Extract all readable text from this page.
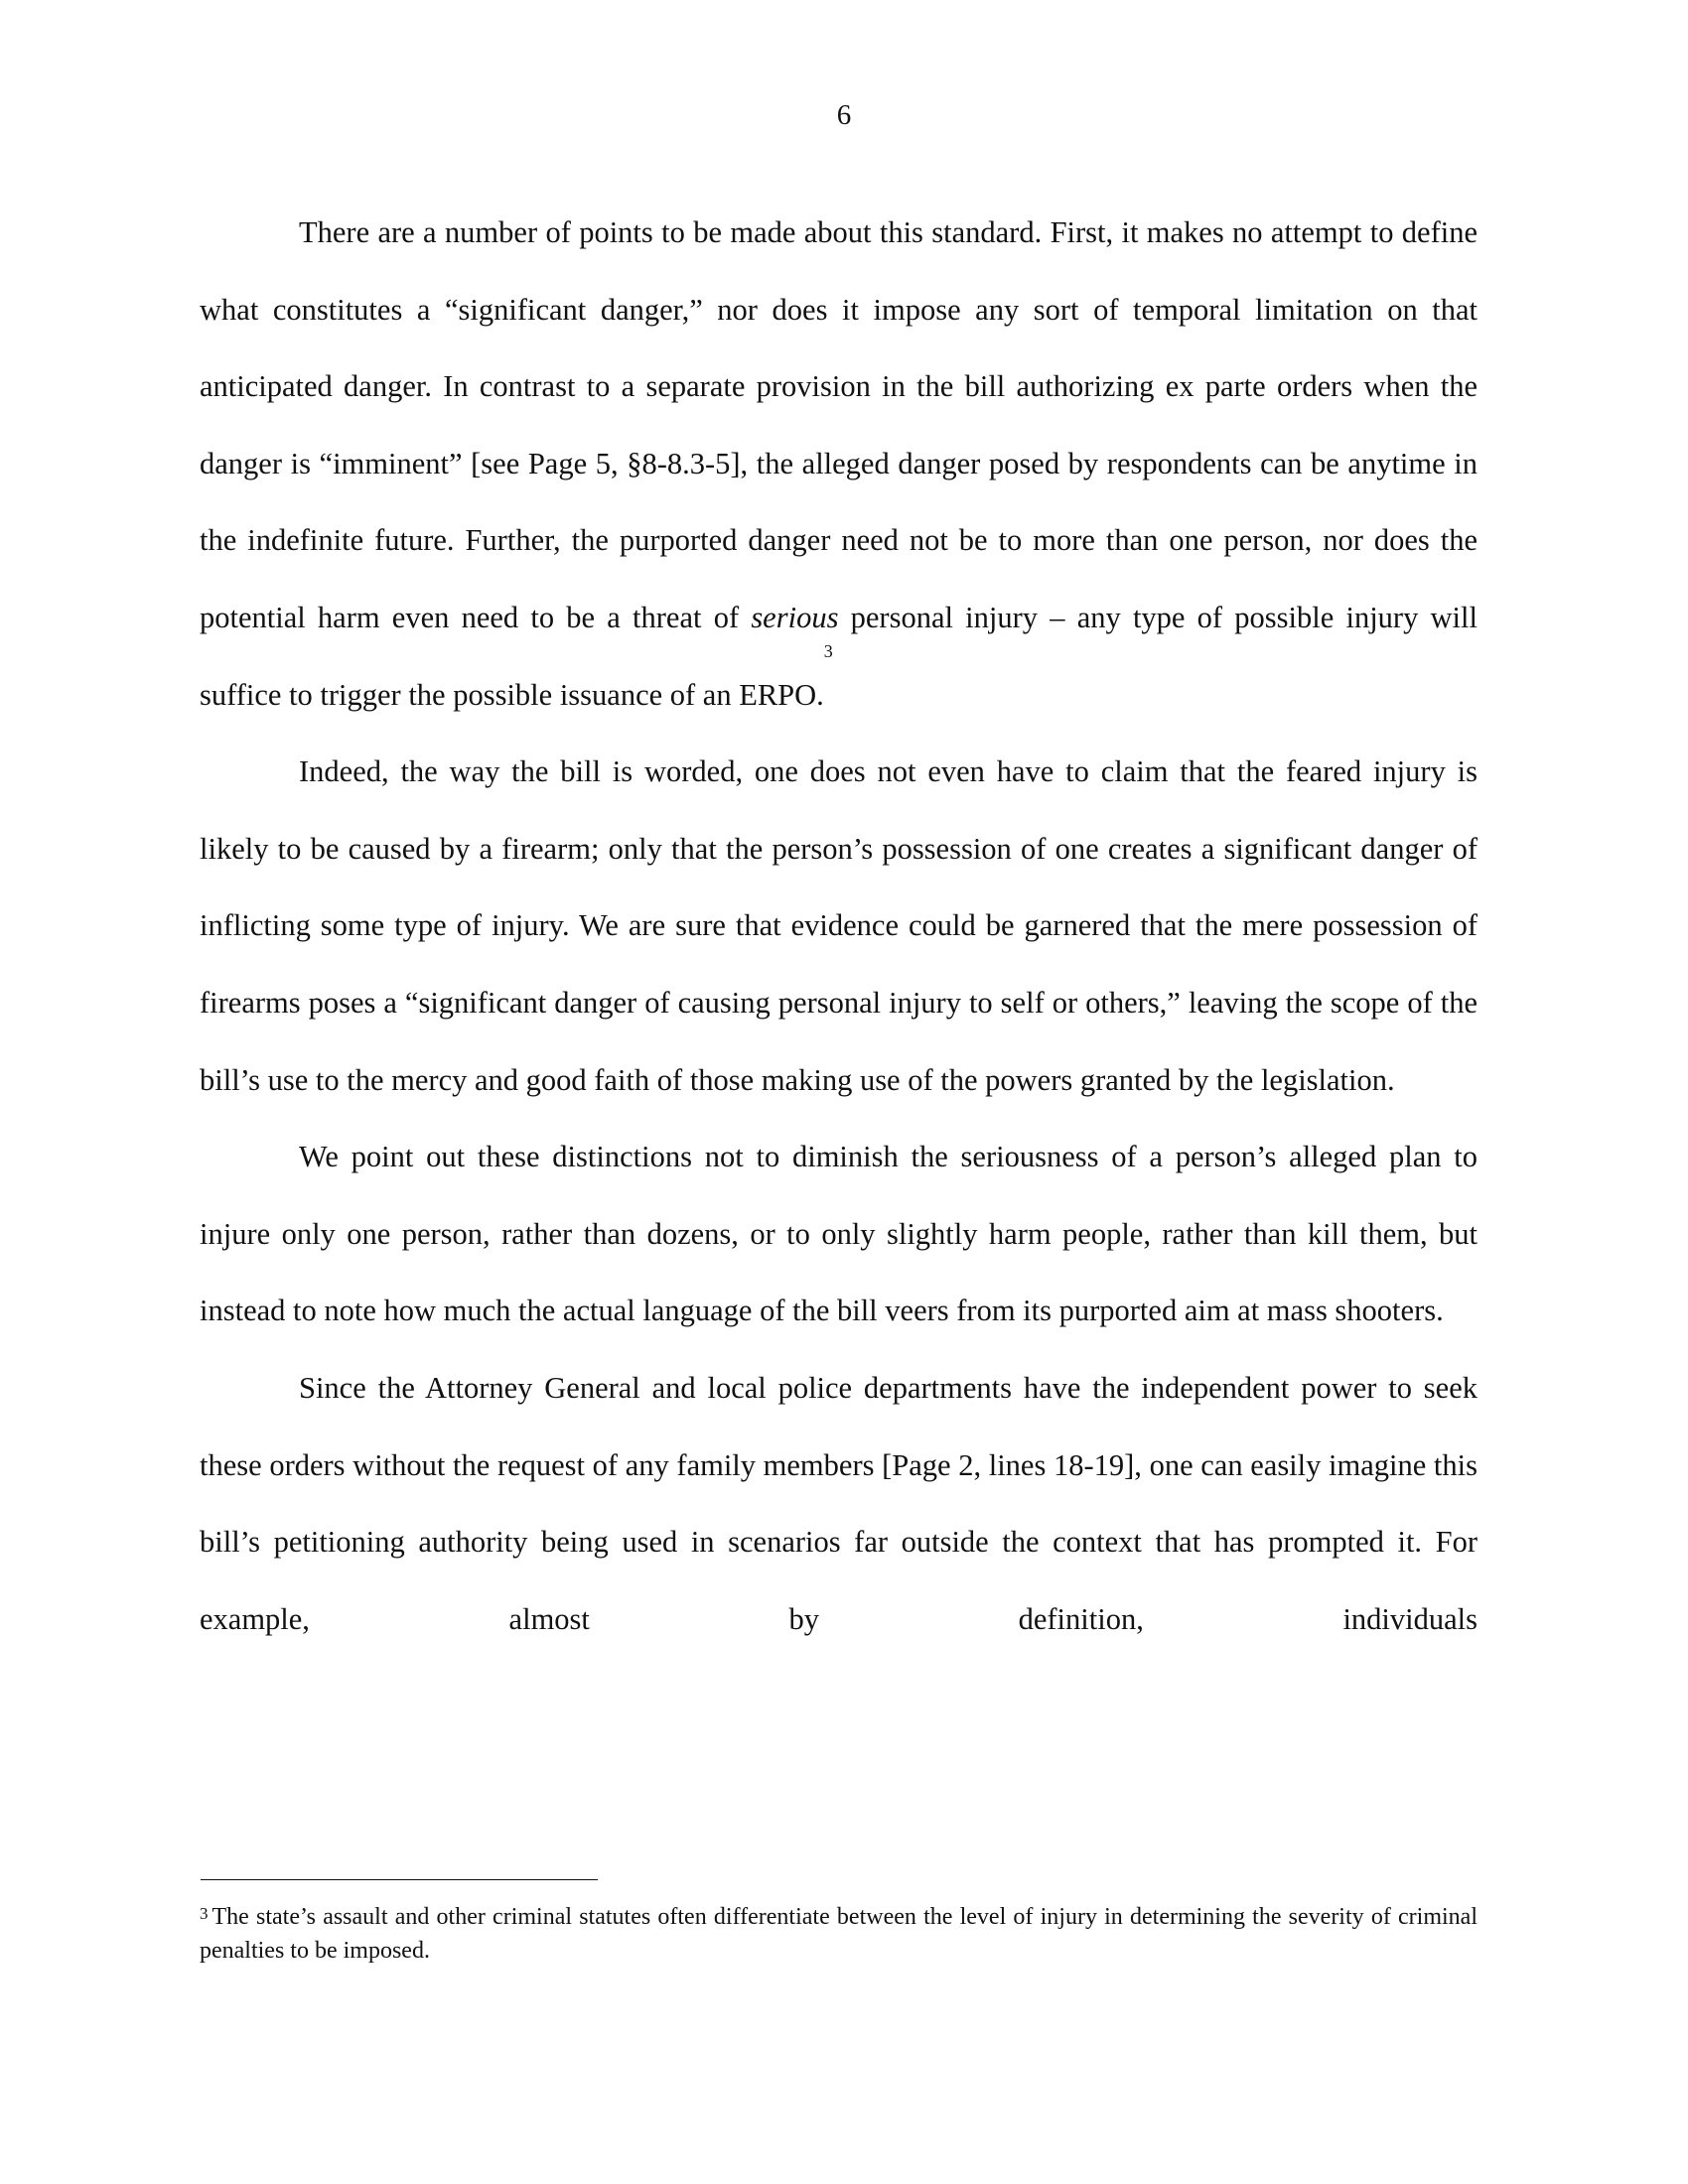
6

There are a number of points to be made about this standard. First, it makes no attempt to define what constitutes a “significant danger,” nor does it impose any sort of temporal limitation on that anticipated danger. In contrast to a separate provision in the bill authorizing ex parte orders when the danger is “imminent” [see Page 5, §8-8.3-5], the alleged danger posed by respondents can be anytime in the indefinite future. Further, the purported danger need not be to more than one person, nor does the potential harm even need to be a threat of serious personal injury – any type of possible injury will suffice to trigger the possible issuance of an ERPO.$^3$

Indeed, the way the bill is worded, one does not even have to claim that the feared injury is likely to be caused by a firearm; only that the person’s possession of one creates a significant danger of inflicting some type of injury. We are sure that evidence could be garnered that the mere possession of firearms poses a “significant danger of causing personal injury to self or others,” leaving the scope of the bill’s use to the mercy and good faith of those making use of the powers granted by the legislation.

We point out these distinctions not to diminish the seriousness of a person’s alleged plan to injure only one person, rather than dozens, or to only slightly harm people, rather than kill them, but instead to note how much the actual language of the bill veers from its purported aim at mass shooters.

Since the Attorney General and local police departments have the independent power to seek these orders without the request of any family members [Page 2, lines 18-19], one can easily imagine this bill’s petitioning authority being used in scenarios far outside the context that has prompted it. For example, almost by definition, individuals

$^3$ The state’s assault and other criminal statutes often differentiate between the level of injury in determining the severity of criminal penalties to be imposed.
